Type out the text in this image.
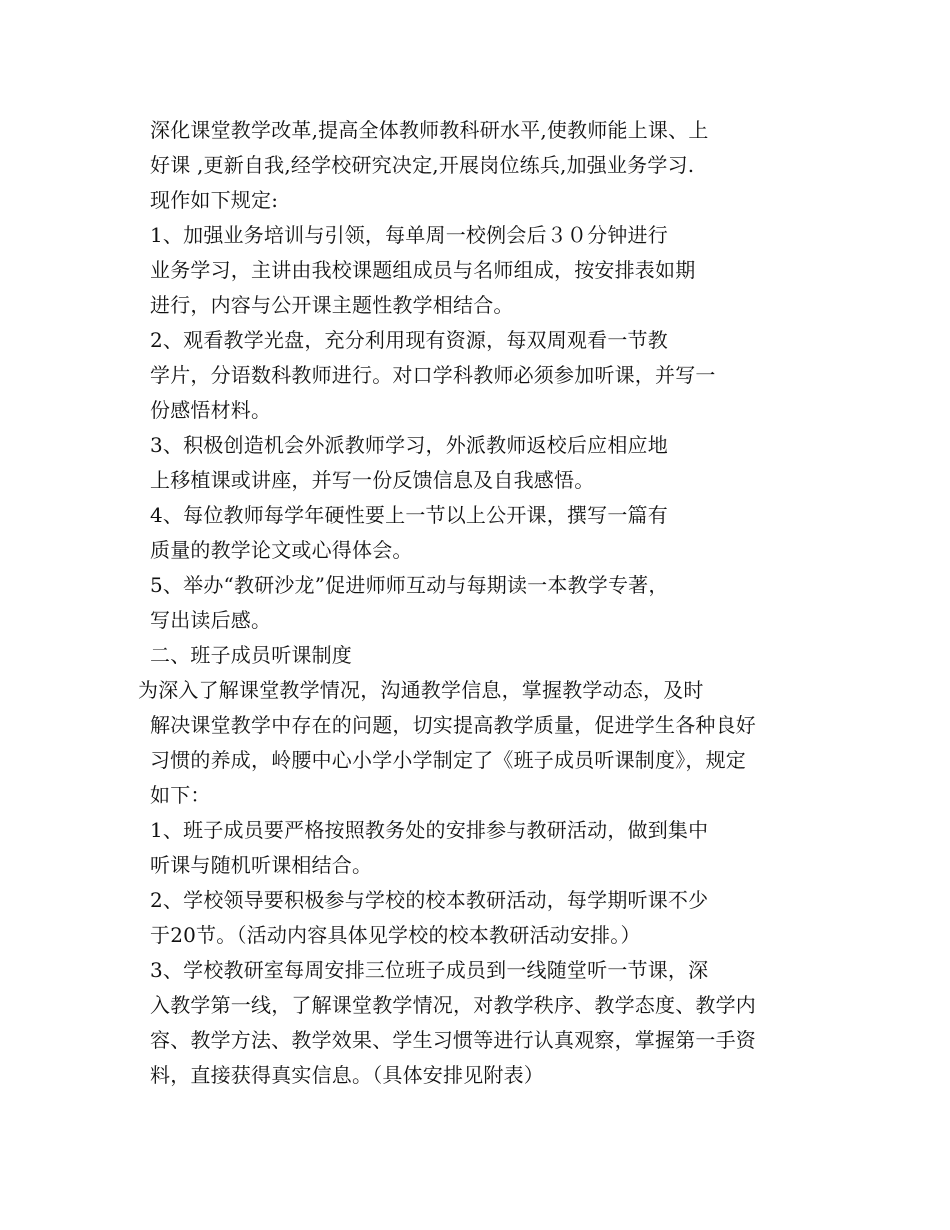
深化课堂教学改革,提高全体教师教科研水平,使教师能上课、上
好课 ,更新自我,经学校研究决定,开展岗位练兵,加强业务学习.
现作如下规定:
1、加强业务培训与引领，每单周一校例会后３０分钟进行
业务学习，主讲由我校课题组成员与名师组成，按安排表如期
进行，内容与公开课主题性教学相结合。
2、观看教学光盘，充分利用现有资源，每双周观看一节教
学片，分语数科教师进行。对口学科教师必须参加听课，并写一
份感悟材料。
3、积极创造机会外派教师学习，外派教师返校后应相应地
上移植课或讲座，并写一份反馈信息及自我感悟。
4、每位教师每学年硬性要上一节以上公开课，撰写一篇有
质量的教学论文或心得体会。
5、举办“教研沙龙”促进师师互动与每期读一本教学专著，
写出读后感。
二、班子成员听课制度
为深入了解课堂教学情况，沟通教学信息，掌握教学动态，及时
解决课堂教学中存在的问题，切实提高教学质量，促进学生各种良好
习惯的养成，岭腰中心小学小学制定了《班子成员听课制度》，规定
如下：
1、班子成员要严格按照教务处的安排参与教研活动，做到集中
听课与随机听课相结合。
2、学校领导要积极参与学校的校本教研活动，每学期听课不少
于20节。（活动内容具体见学校的校本教研活动安排。）
3、学校教研室每周安排三位班子成员到一线随堂听一节课，深
入教学第一线，了解课堂教学情况，对教学秩序、教学态度、教学内
容、教学方法、教学效果、学生习惯等进行认真观察，掌握第一手资
料，直接获得真实信息。（具体安排见附表）
